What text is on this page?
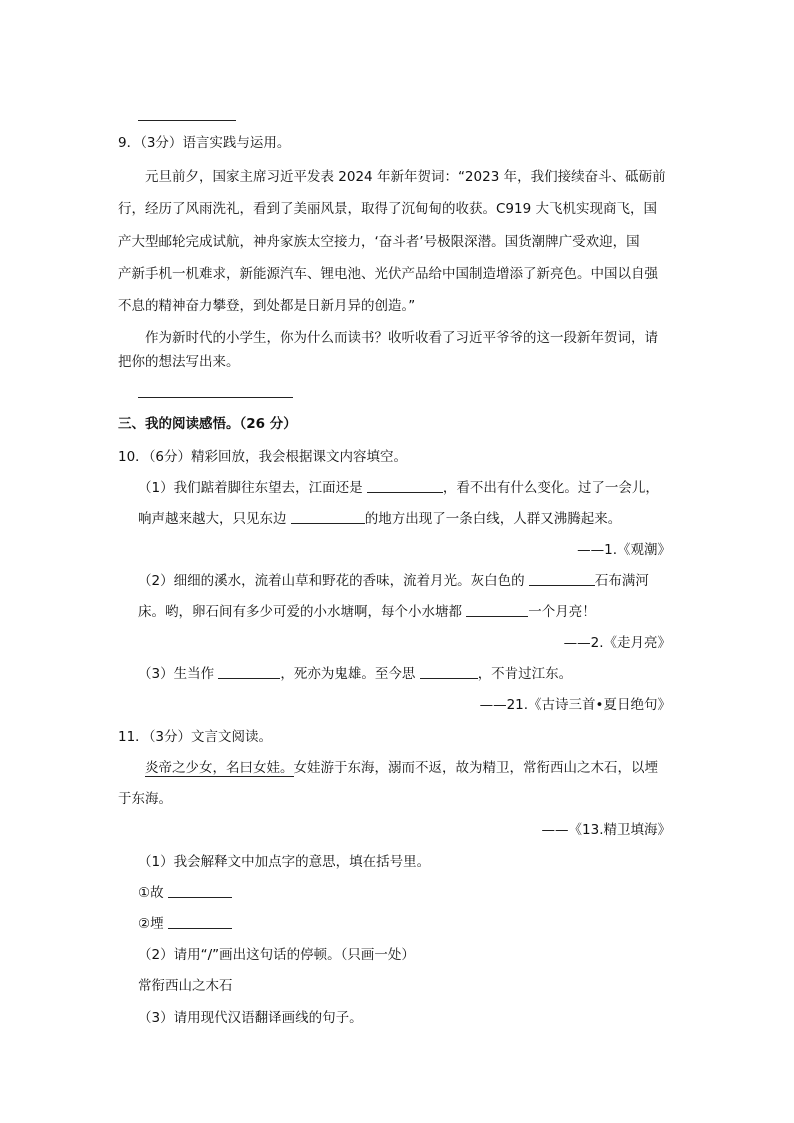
9．（3分）语言实践与运用。
元旦前夕，国家主席习近平发表 2024 年新年贺词：“2023 年，我们接续奋斗、砥砺前
行，经历了风雨洗礼，看到了美丽风景，取得了沉甸甸的收获。C919 大飞机实现商飞，国
产大型邮轮完成试航，神舟家族太空接力，‘奋斗者’号极限深潜。国货潮牌广受欢迎，国
产新手机一机难求，新能源汽车、锂电池、光伏产品给中国制造增添了新亮色。中国以自强
不息的精神奋力攀登，到处都是日新月异的创造。”
作为新时代的小学生，你为什么而读书？收听收看了习近平爷爷的这一段新年贺词，请
把你的想法写出来。
三、我的阅读感悟。（26 分）
10．（6分）精彩回放，我会根据课文内容填空。
（1）我们踮着脚往东望去，江面还是	，看不出有什么变化。过了一会儿，
响声越来越大，只见东边	的地方出现了一条白线，人群又沸腾起来。
——1.《观潮》
（2）细细的溪水，流着山草和野花的香味，流着月光。灰白色的	石布满河
床。哟，卵石间有多少可爱的小水塘啊，每个小水塘都	一个月亮！
——2.《走月亮》
（3）生当作	，死亦为鬼雄。至今思	，不肯过江东。
——21.《古诗三首•夏日绝句》
11．（3分）文言文阅读。
炎帝之少女，名曰女娃。女娃游于东海，溺而不返，故为精卫，常衔西山之木石，以堙
于东海。
——《13.精卫填海》
（1）我会解释文中加点字的意思，填在括号里。
①故
②堙
（2）请用“/”画出这句话的停顿。（只画一处）
常衔西山之木石
（3）请用现代汉语翻译画线的句子。
